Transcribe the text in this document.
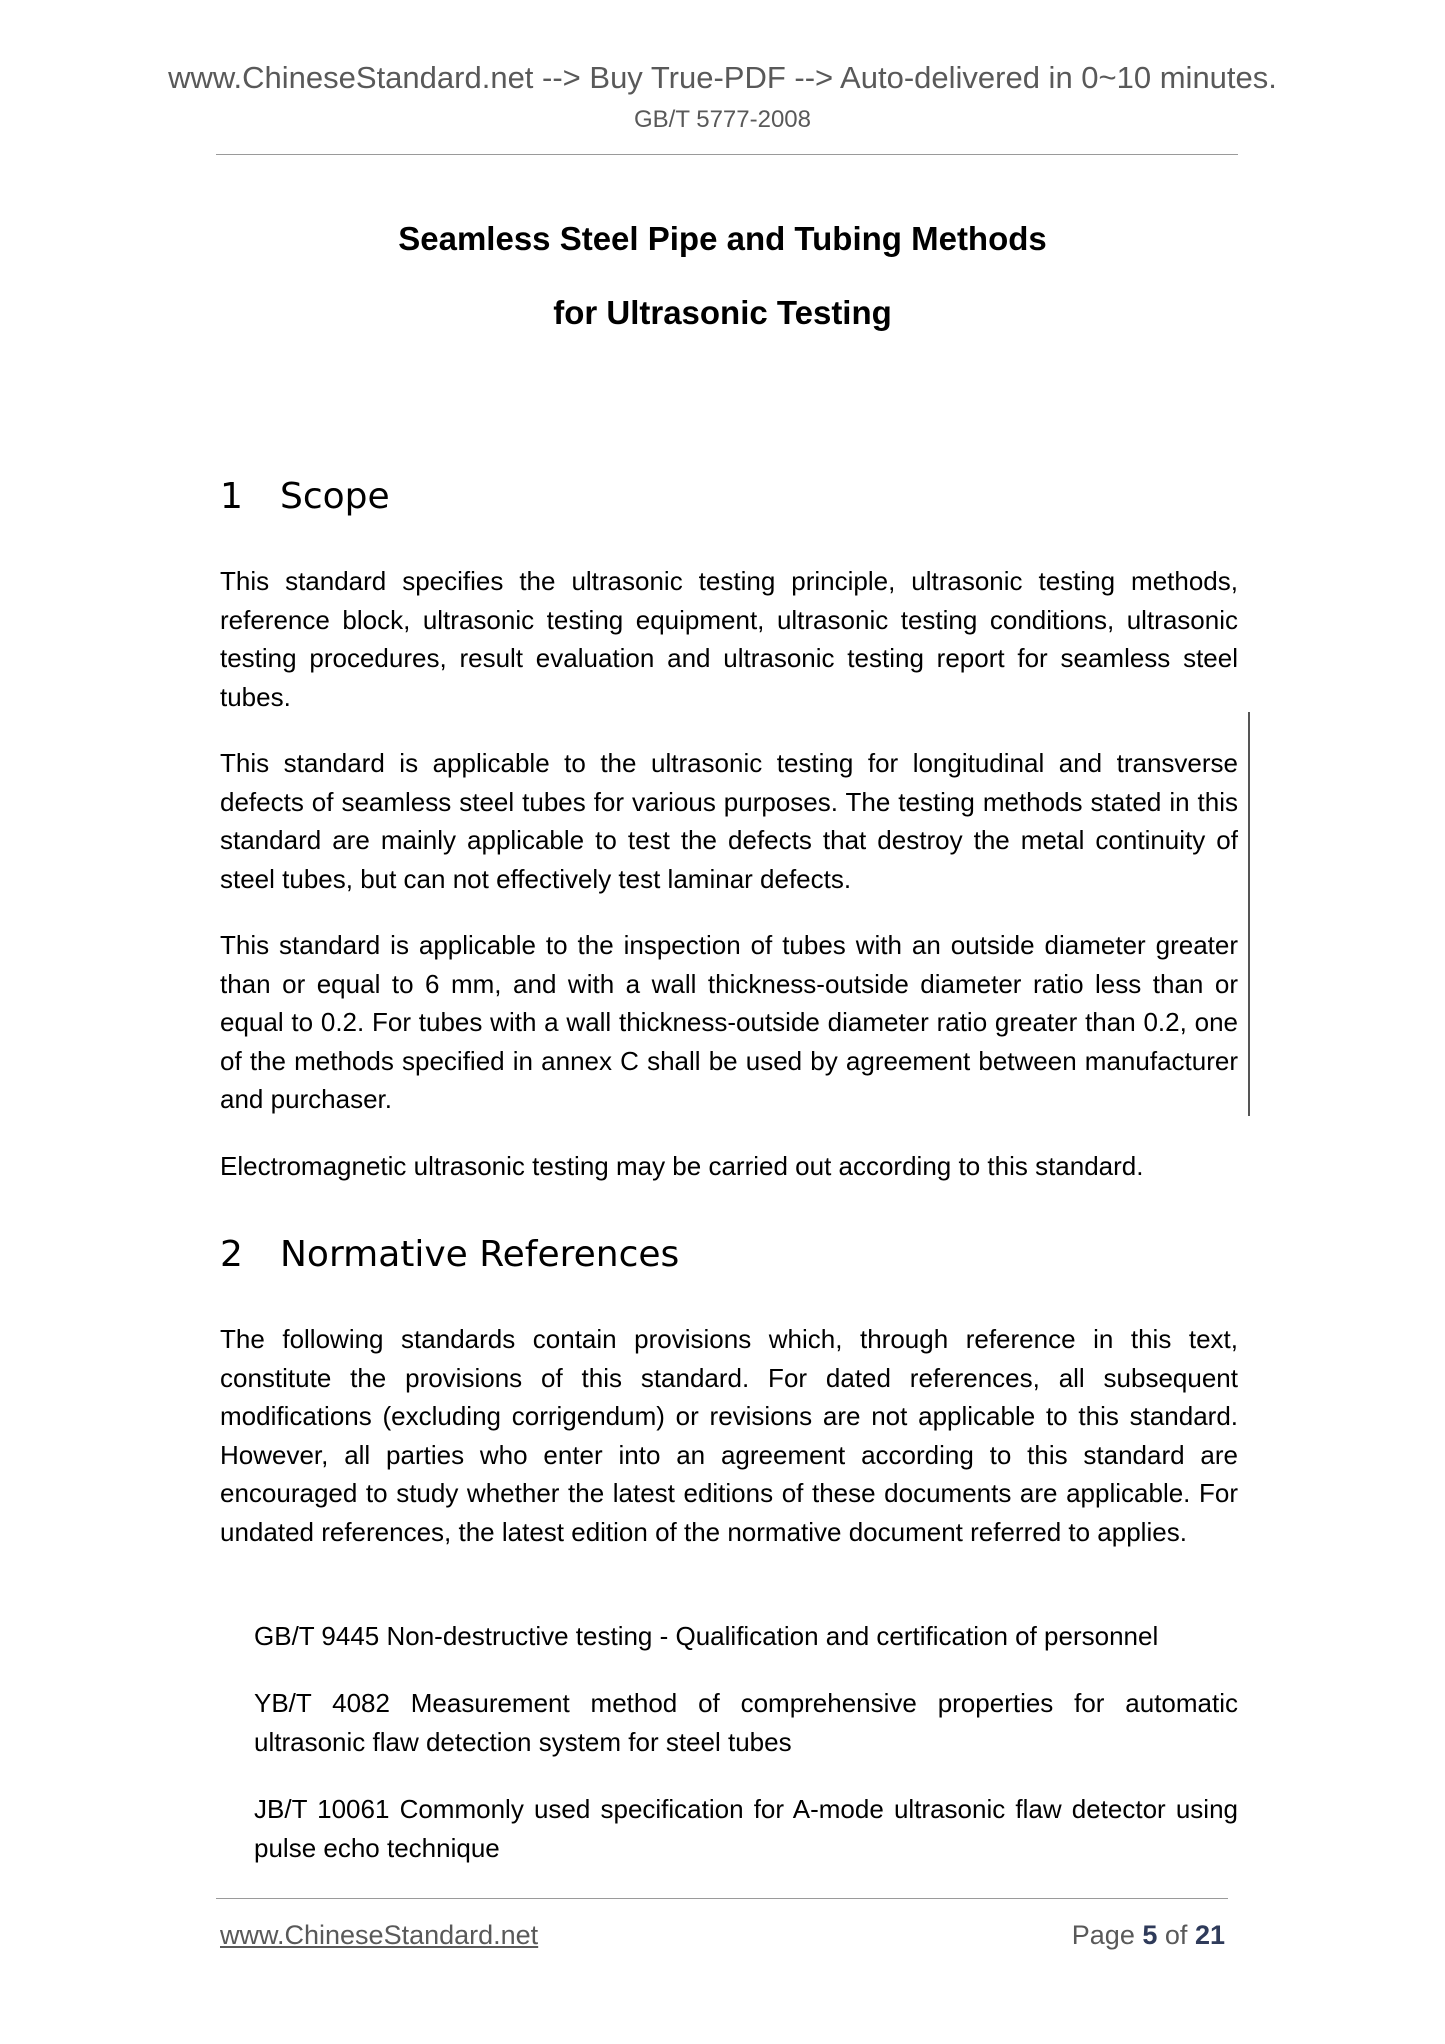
www.ChineseStandard.net --> Buy True-PDF --> Auto-delivered in 0~10 minutes.
GB/T 5777-2008
Seamless Steel Pipe and Tubing Methods
for Ultrasonic Testing
1 Scope

This standard specifies the ultrasonic testing principle, ultrasonic testing methods, reference block, ultrasonic testing equipment, ultrasonic testing conditions, ultrasonic testing procedures, result evaluation and ultrasonic testing report for seamless steel tubes.

This standard is applicable to the ultrasonic testing for longitudinal and transverse defects of seamless steel tubes for various purposes. The testing methods stated in this standard are mainly applicable to test the defects that destroy the metal continuity of steel tubes, but can not effectively test laminar defects.

This standard is applicable to the inspection of tubes with an outside diameter greater than or equal to 6 mm, and with a wall thickness-outside diameter ratio less than or equal to 0.2. For tubes with a wall thickness-outside diameter ratio greater than 0.2, one of the methods specified in annex C shall be used by agreement between manufacturer and purchaser.

Electromagnetic ultrasonic testing may be carried out according to this standard.

2 Normative References

The following standards contain provisions which, through reference in this text, constitute the provisions of this standard. For dated references, all subsequent modifications (excluding corrigendum) or revisions are not applicable to this standard. However, all parties who enter into an agreement according to this standard are encouraged to study whether the latest editions of these documents are applicable. For undated references, the latest edition of the normative document referred to applies.

GB/T 9445 Non-destructive testing - Qualification and certification of personnel

YB/T 4082 Measurement method of comprehensive properties for automatic ultrasonic flaw detection system for steel tubes

JB/T 10061 Commonly used specification for A-mode ultrasonic flaw detector using pulse echo technique

www.ChineseStandard.net	Page 5 of 21
